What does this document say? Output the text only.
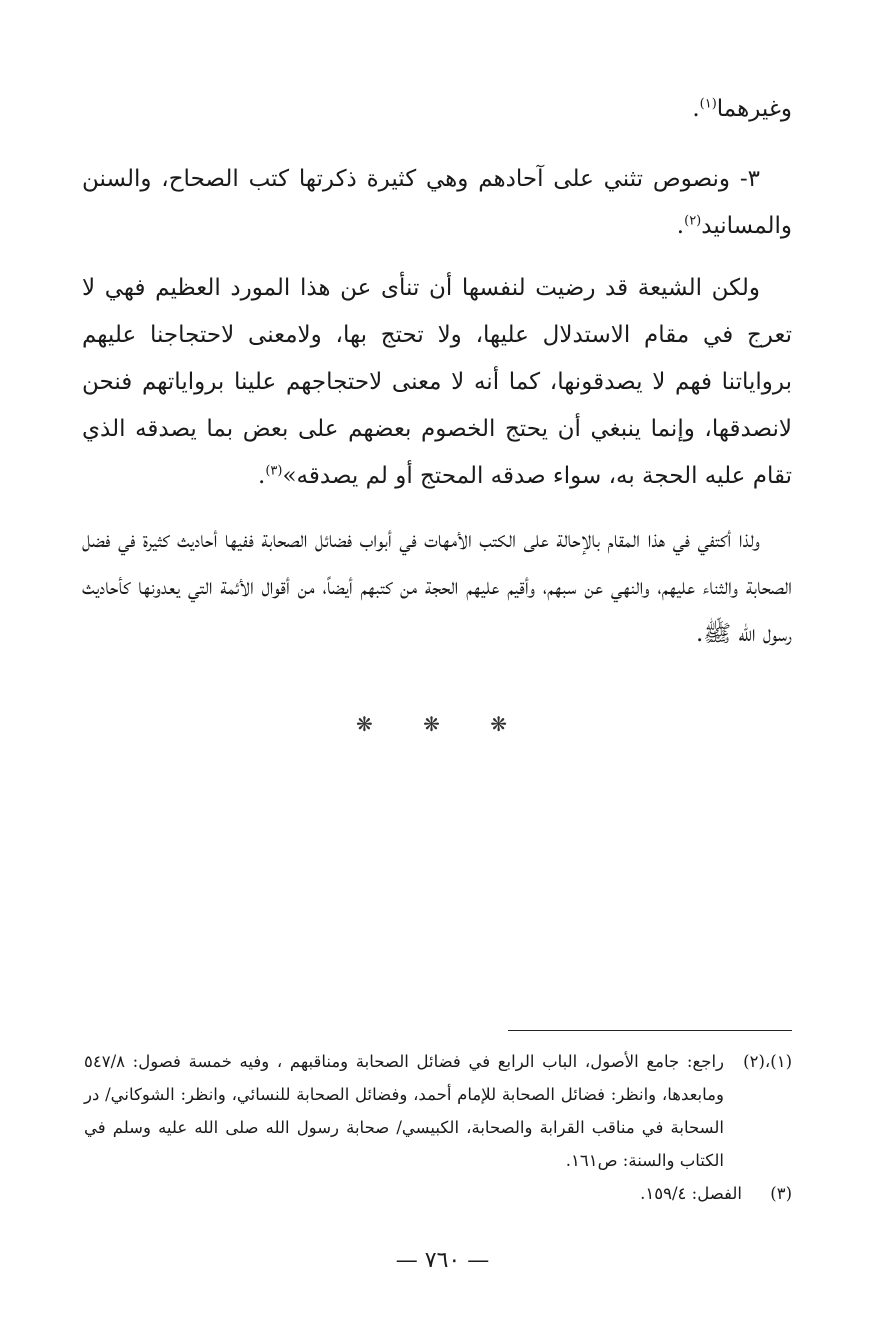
وغيرهما$^{(١)}$.
٣- ونصوص تثني على آحادهم وهي كثيرة ذكرتها كتب الصحاح، والسنن والمسانيد$^{(٢)}$.
ولكن الشيعة قد رضيت لنفسها أن تنأى عن هذا المورد العظيم فهي لا تعرج في مقام الاستدلال عليها، ولا تحتج بها، ولامعنى لاحتجاجنا عليهم برواياتنا فهم لا يصدقونها، كما أنه لا معنى لاحتجاجهم علينا برواياتهم فنحن لانصدقها، وإنما ينبغي أن يحتج الخصوم بعضهم على بعض بما يصدقه الذي تقام عليه الحجة به، سواء صدقه المحتج أو لم يصدقه»$^{(٣)}$.
ولذا أكتفي في هذا المقام بالإحالة على الكتب الأمهات في أبواب فضائل الصحابة ففيها أحاديث كثيرة في فضل الصحابة والثناء عليهم، والنهي عن سبهم، وأقيم عليهم الحجة من كتبهم أيضاً، من أقوال الأئمة التي يعدونها كأحاديث رسول الله ﷺ.
❋ ❋ ❋
(١)،(٢)
راجع: جامع الأصول، الباب الرابع في فضائل الصحابة ومناقبهم ، وفيه خمسة فصول: ٥٤٧/٨ ومابعدها، وانظر: فضائل الصحابة للإمام أحمد، وفضائل الصحابة للنسائي، وانظر: الشوكاني/ در السحابة في مناقب القرابة والصحابة، الكبيسي/ صحابة رسول الله صلى الله عليه وسلم في الكتاب والسنة: ص١٦١.
(٣)
الفصل: ١٥٩/٤.
— ٧٦٠ —
